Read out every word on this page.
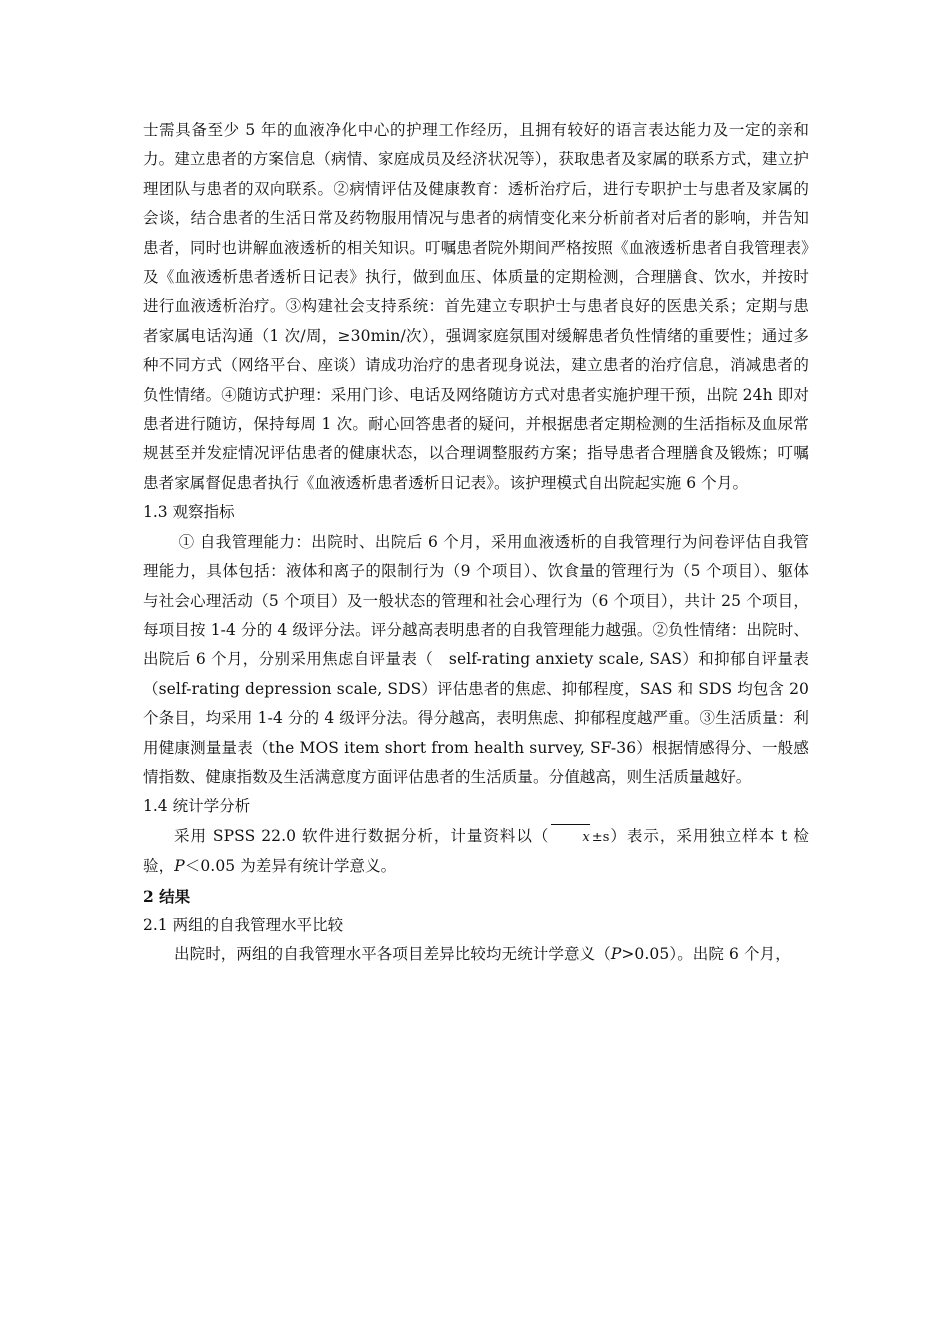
士需具备至少 5 年的血液净化中心的护理工作经历，且拥有较好的语言表达能力及一定的亲和力。建立患者的方案信息（病情、家庭成员及经济状况等），获取患者及家属的联系方式，建立护理团队与患者的双向联系。②病情评估及健康教育：透析治疗后，进行专职护士与患者及家属的会谈，结合患者的生活日常及药物服用情况与患者的病情变化来分析前者对后者的影响，并告知患者，同时也讲解血液透析的相关知识。叮嘱患者院外期间严格按照《血液透析患者自我管理表》及《血液透析患者透析日记表》执行，做到血压、体质量的定期检测，合理膳食、饮水，并按时进行血液透析治疗。③构建社会支持系统：首先建立专职护士与患者良好的医患关系；定期与患者家属电话沟通（1 次/周，≥30min/次），强调家庭氛围对缓解患者负性情绪的重要性；通过多种不同方式（网络平台、座谈）请成功治疗的患者现身说法，建立患者的治疗信息，消减患者的负性情绪。④随访式护理：采用门诊、电话及网络随访方式对患者实施护理干预，出院 24h 即对患者进行随访，保持每周 1 次。耐心回答患者的疑问，并根据患者定期检测的生活指标及血尿常规甚至并发症情况评估患者的健康状态，以合理调整服药方案；指导患者合理膳食及锻炼；叮嘱患者家属督促患者执行《血液透析患者透析日记表》。该护理模式自出院起实施 6 个月。

1.3 观察指标

① 自我管理能力：出院时、出院后 6 个月，采用血液透析的自我管理行为问卷评估自我管理能力，具体包括：液体和离子的限制行为（9 个项目）、饮食量的管理行为（5 个项目）、躯体与社会心理活动（5 个项目）及一般状态的管理和社会心理行为（6 个项目），共计 25 个项目，每项目按 1-4 分的 4 级评分法。评分越高表明患者的自我管理能力越强。②负性情绪：出院时、出院后 6 个月，分别采用焦虑自评量表（　self-rating anxiety scale, SAS）和抑郁自评量表（self-rating depression scale, SDS）评估患者的焦虑、抑郁程度，SAS 和 SDS 均包含 20 个条目，均采用 1-4 分的 4 级评分法。得分越高，表明焦虑、抑郁程度越严重。③生活质量：利用健康测量量表（the MOS item short from health survey, SF-36）根据情感得分、一般感情指数、健康指数及生活满意度方面评估患者的生活质量。分值越高，则生活质量越好。

1.4 统计学分析

采用 SPSS 22.0 软件进行数据分析，计量资料以（	x ±s）表示，采用独立样本 t 检验，P＜0.05 为差异有统计学意义。

2 结果

2.1 两组的自我管理水平比较

出院时，两组的自我管理水平各项目差异比较均无统计学意义（P>0.05）。出院 6 个月，
